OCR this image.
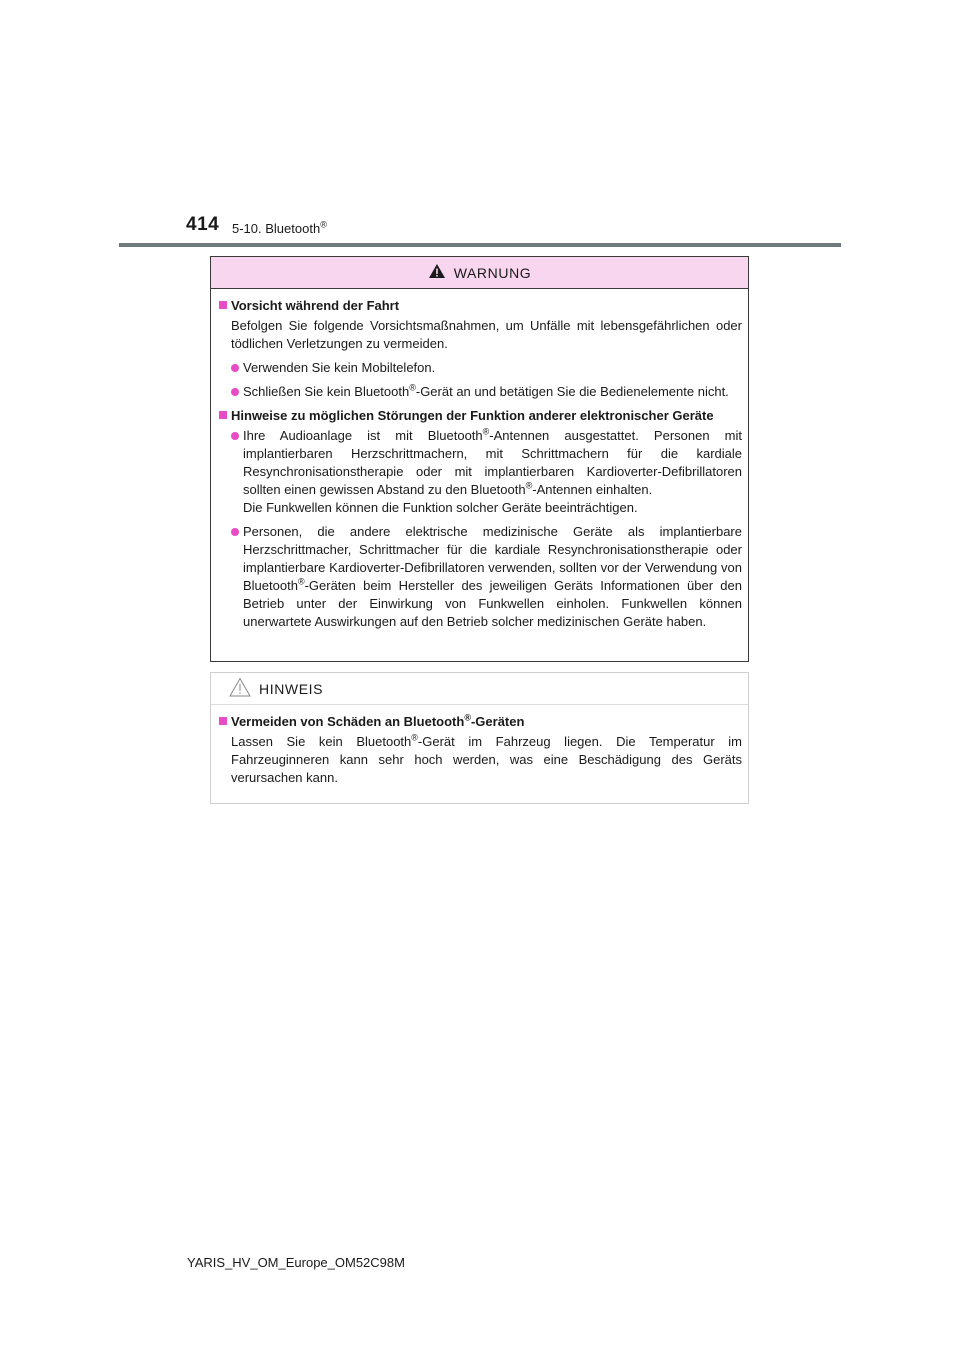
414 5-10. Bluetooth®
WARNUNG
Vorsicht während der Fahrt
Befolgen Sie folgende Vorsichtsmaßnahmen, um Unfälle mit lebensgefährlichen oder tödlichen Verletzungen zu vermeiden.
Verwenden Sie kein Mobiltelefon.
Schließen Sie kein Bluetooth®-Gerät an und betätigen Sie die Bedienelemente nicht.
Hinweise zu möglichen Störungen der Funktion anderer elektronischer Geräte
Ihre Audioanlage ist mit Bluetooth®-Antennen ausgestattet. Personen mit implantierbaren Herzschrittmachern, mit Schrittmachern für die kardiale Resynchronisationstherapie oder mit implantierbaren Kardioverter-Defibrillatoren sollten einen gewissen Abstand zu den Bluetooth®-Antennen einhalten.
Die Funkwellen können die Funktion solcher Geräte beeinträchtigen.
Personen, die andere elektrische medizinische Geräte als implantierbare Herzschrittmacher, Schrittmacher für die kardiale Resynchronisationstherapie oder implantierbare Kardioverter-Defibrillatoren verwenden, sollten vor der Verwendung von Bluetooth®-Geräten beim Hersteller des jeweiligen Geräts Informationen über den Betrieb unter der Einwirkung von Funkwellen einholen. Funkwellen können unerwartete Auswirkungen auf den Betrieb solcher medizinischen Geräte haben.
HINWEIS
Vermeiden von Schäden an Bluetooth®-Geräten
Lassen Sie kein Bluetooth®-Gerät im Fahrzeug liegen. Die Temperatur im Fahrzeuginneren kann sehr hoch werden, was eine Beschädigung des Geräts verursachen kann.
YARIS_HV_OM_Europe_OM52C98M
